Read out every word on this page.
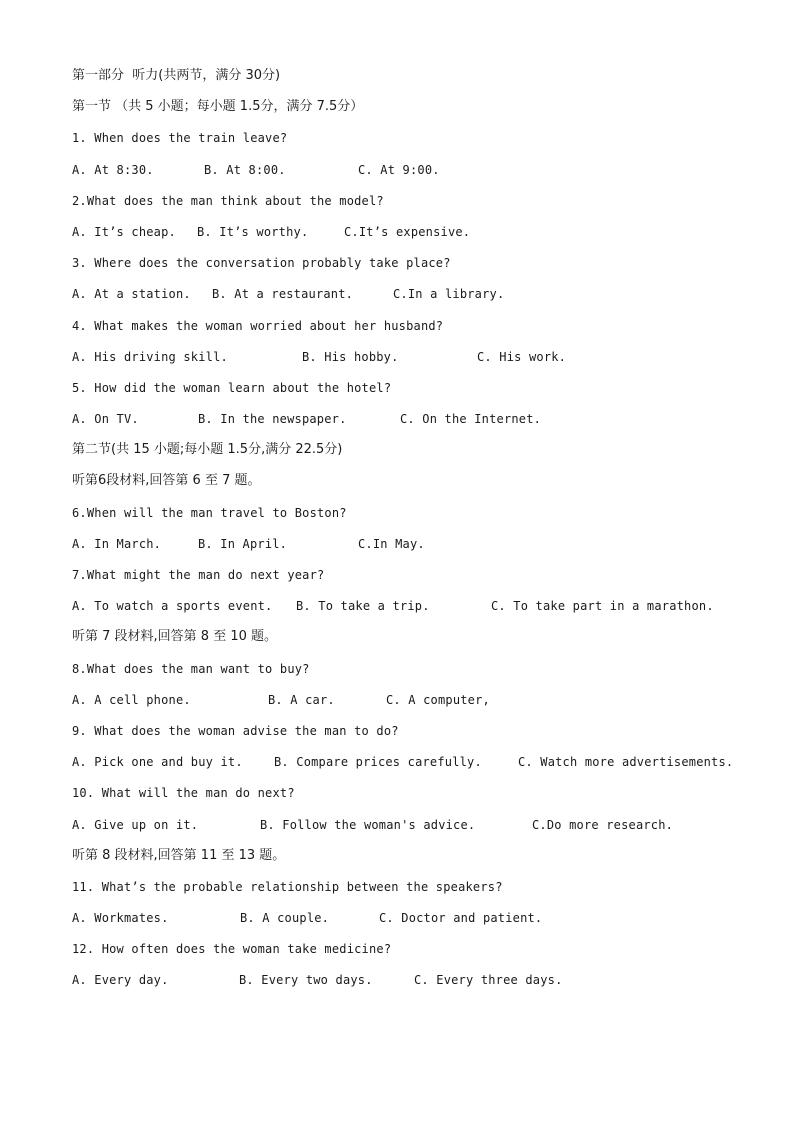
第一部分  听力(共两节，满分 30分)
第一节 （共 5 小题；每小题 1.5分，满分 7.5分）
1. When does the train leave?
A. At 8:30.	B. At 8:00.	C. At 9:00.
2.What does the man think about the model?
A. It’s cheap. B. It’s worthy.	C.It’s expensive.
3. Where does the conversation probably take place?
A. At a station. B. At a restaurant.	C.In a library.
4. What makes the woman worried about her husband?
A. His driving skill.	B. His hobby.	C. His work.
5. How did the woman learn about the hotel?
A. On TV.	B. In the newspaper.	C. On the Internet.
第二节(共 15 小题;每小题 1.5分,满分 22.5分)
听第6段材料,回答第 6 至 7 题。
6.When will the man travel to Boston?
A. In March.	B. In April.	C.In May.
7.What might the man do next year?
A. To watch a sports event. B. To take a trip.	C. To take part in a marathon.
听第 7 段材料,回答第 8 至 10 题。
8.What does the man want to buy?
A. A cell phone.	B. A car.	C. A computer,
9. What does the woman advise the man to do?
A. Pick one and buy it.	B. Compare prices carefully.	C. Watch more advertisements.
10. What will the man do next?
A. Give up on it.	B. Follow the woman's advice.	C.Do more research.
听第 8 段材料,回答第 11 至 13 题。
11. What’s the probable relationship between the speakers?
A. Workmates.	B. A couple.	C. Doctor and patient.
12. How often does the woman take medicine?
A. Every day.	B. Every two days.	C. Every three days.
